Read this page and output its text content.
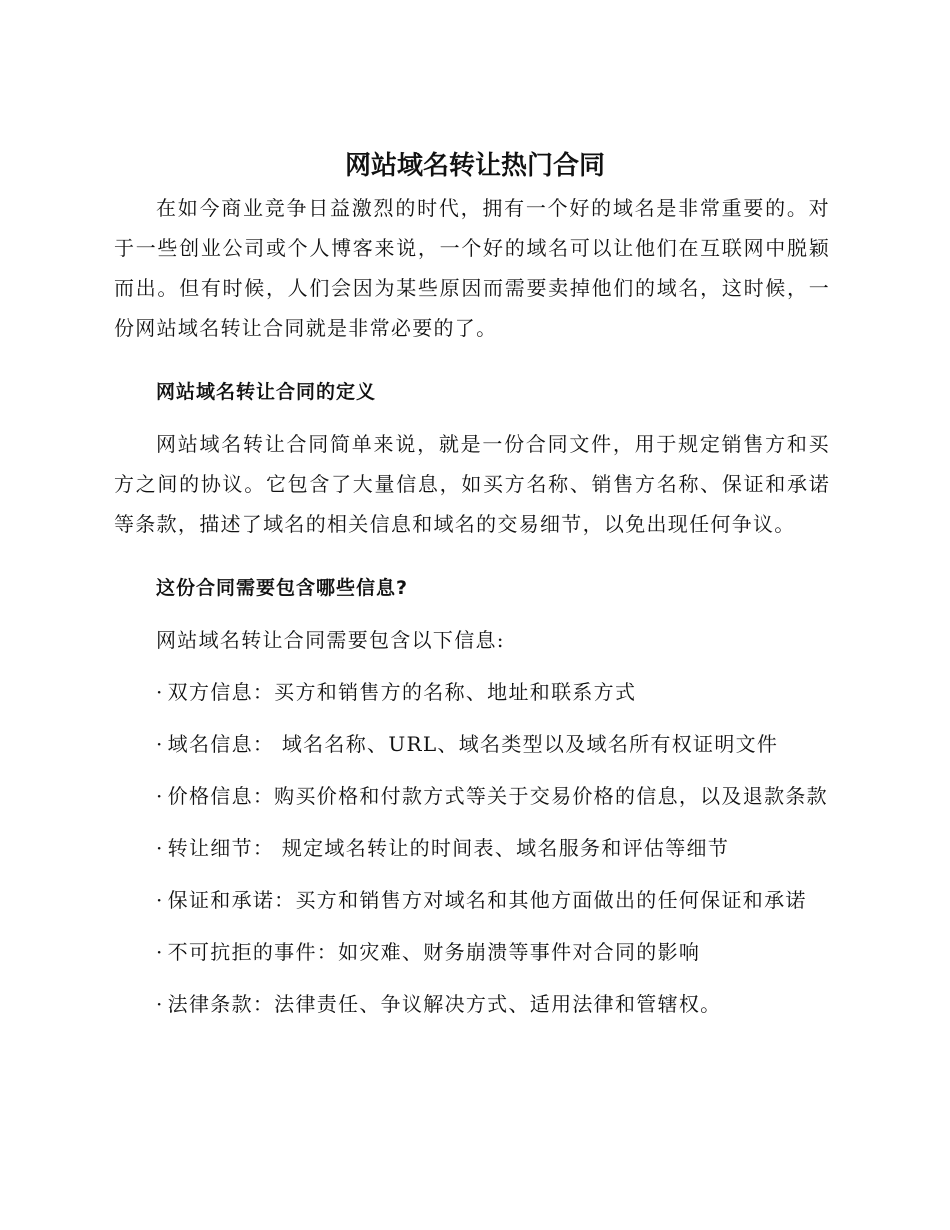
网站域名转让热门合同

在如今商业竞争日益激烈的时代，拥有一个好的域名是非常重要的。对于一些创业公司或个人博客来说，一个好的域名可以让他们在互联网中脱颖而出。但有时候，人们会因为某些原因而需要卖掉他们的域名，这时候，一份网站域名转让合同就是非常必要的了。

网站域名转让合同的定义

网站域名转让合同简单来说，就是一份合同文件，用于规定销售方和买方之间的协议。它包含了大量信息，如买方名称、销售方名称、保证和承诺等条款，描述了域名的相关信息和域名的交易细节，以免出现任何争议。

这份合同需要包含哪些信息?

网站域名转让合同需要包含以下信息:

· 双方信息：买方和销售方的名称、地址和联系方式

· 域名信息： 域名名称、URL、域名类型以及域名所有权证明文件

· 价格信息：购买价格和付款方式等关于交易价格的信息，以及退款条款

· 转让细节： 规定域名转让的时间表、域名服务和评估等细节

· 保证和承诺：买方和销售方对域名和其他方面做出的任何保证和承诺

· 不可抗拒的事件：如灾难、财务崩溃等事件对合同的影响

· 法律条款：法律责任、争议解决方式、适用法律和管辖权。
